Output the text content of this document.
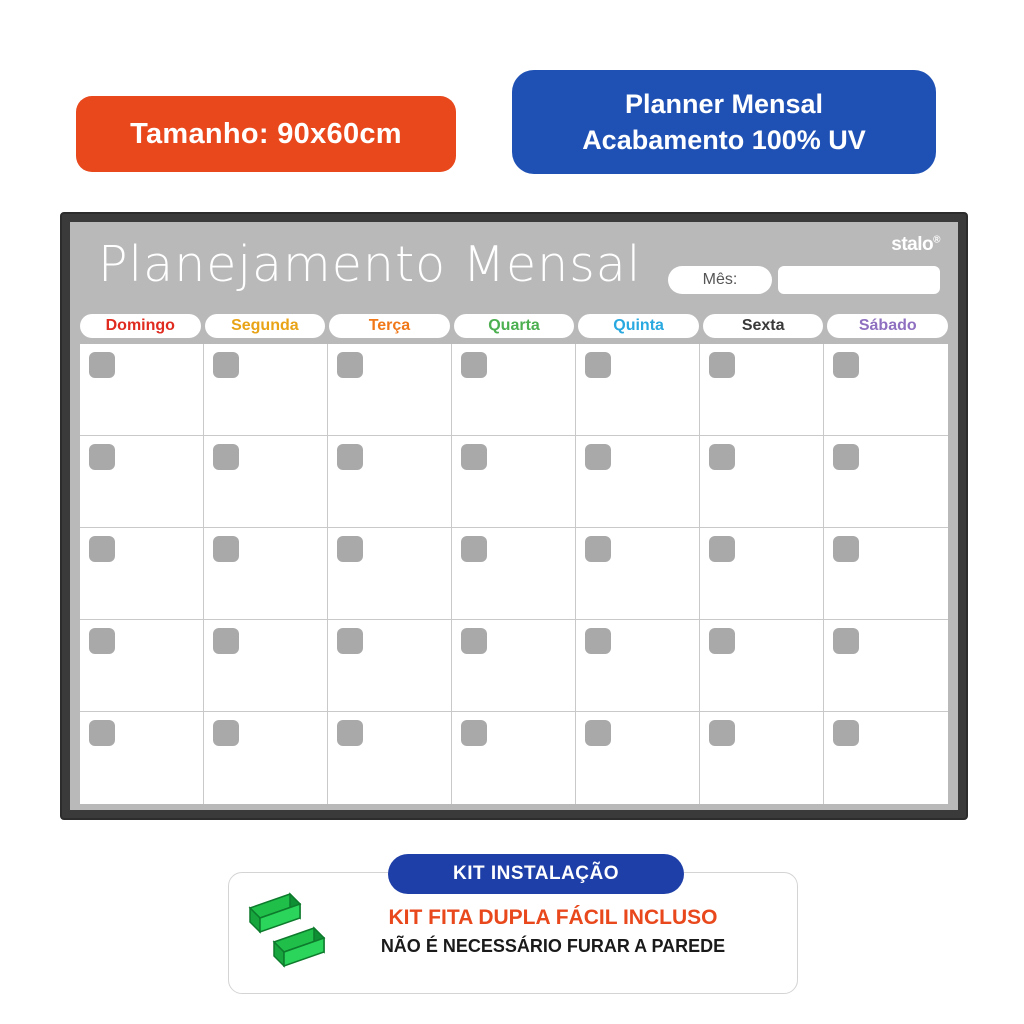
Tamanho: 90x60cm
Planner Mensal
Acabamento 100% UV
Planejamento Mensal	stalo®
Mês:
Domingo	Segunda	Terça	Quarta	Quinta	Sexta	Sábado
KIT INSTALAÇÃO
KIT FITA DUPLA FÁCIL INCLUSO
NÃO É NECESSÁRIO FURAR A PAREDE
